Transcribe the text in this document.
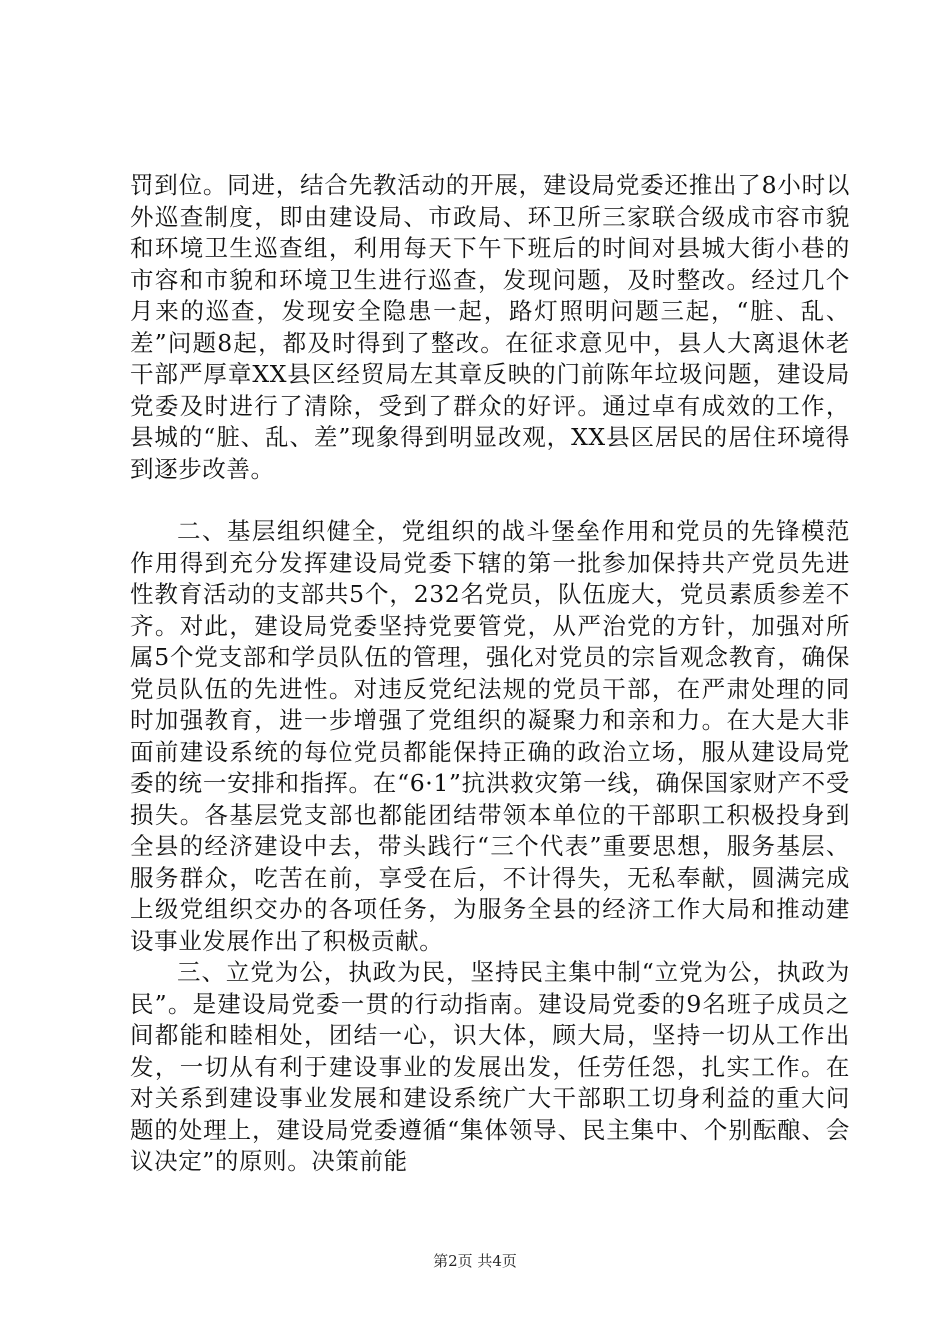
罚到位。同进，结合先教活动的开展，建设局党委还推出了8小时以外巡查制度，即由建设局、市政局、环卫所三家联合级成市容市貌和环境卫生巡查组，利用每天下午下班后的时间对县城大街小巷的市容和市貌和环境卫生进行巡查，发现问题，及时整改。经过几个月来的巡查，发现安全隐患一起，路灯照明问题三起，“脏、乱、差”问题8起，都及时得到了整改。在征求意见中，县人大离退休老干部严厚章XX县区经贸局左其章反映的门前陈年垃圾问题，建设局党委及时进行了清除，受到了群众的好评。通过卓有成效的工作，县城的“脏、乱、差”现象得到明显改观，XX县区居民的居住环境得到逐步改善。

二、基层组织健全，党组织的战斗堡垒作用和党员的先锋模范作用得到充分发挥建设局党委下辖的第一批参加保持共产党员先进性教育活动的支部共5个，232名党员，队伍庞大，党员素质参差不齐。对此，建设局党委坚持党要管党，从严治党的方针，加强对所属5个党支部和学员队伍的管理，强化对党员的宗旨观念教育，确保党员队伍的先进性。对违反党纪法规的党员干部，在严肃处理的同时加强教育，进一步增强了党组织的凝聚力和亲和力。在大是大非面前建设系统的每位党员都能保持正确的政治立场，服从建设局党委的统一安排和指挥。在“6·1”抗洪救灾第一线，确保国家财产不受损失。各基层党支部也都能团结带领本单位的干部职工积极投身到全县的经济建设中去，带头践行“三个代表”重要思想，服务基层、服务群众，吃苦在前，享受在后，不计得失，无私奉献，圆满完成上级党组织交办的各项任务，为服务全县的经济工作大局和推动建设事业发展作出了积极贡献。

三、立党为公，执政为民，坚持民主集中制“立党为公，执政为民”。是建设局党委一贯的行动指南。建设局党委的9名班子成员之间都能和睦相处，团结一心，识大体，顾大局，坚持一切从工作出发，一切从有利于建设事业的发展出发，任劳任怨，扎实工作。在对关系到建设事业发展和建设系统广大干部职工切身利益的重大问题的处理上，建设局党委遵循“集体领导、民主集中、个别酝酿、会议决定”的原则。决策前能

第2页 共4页
